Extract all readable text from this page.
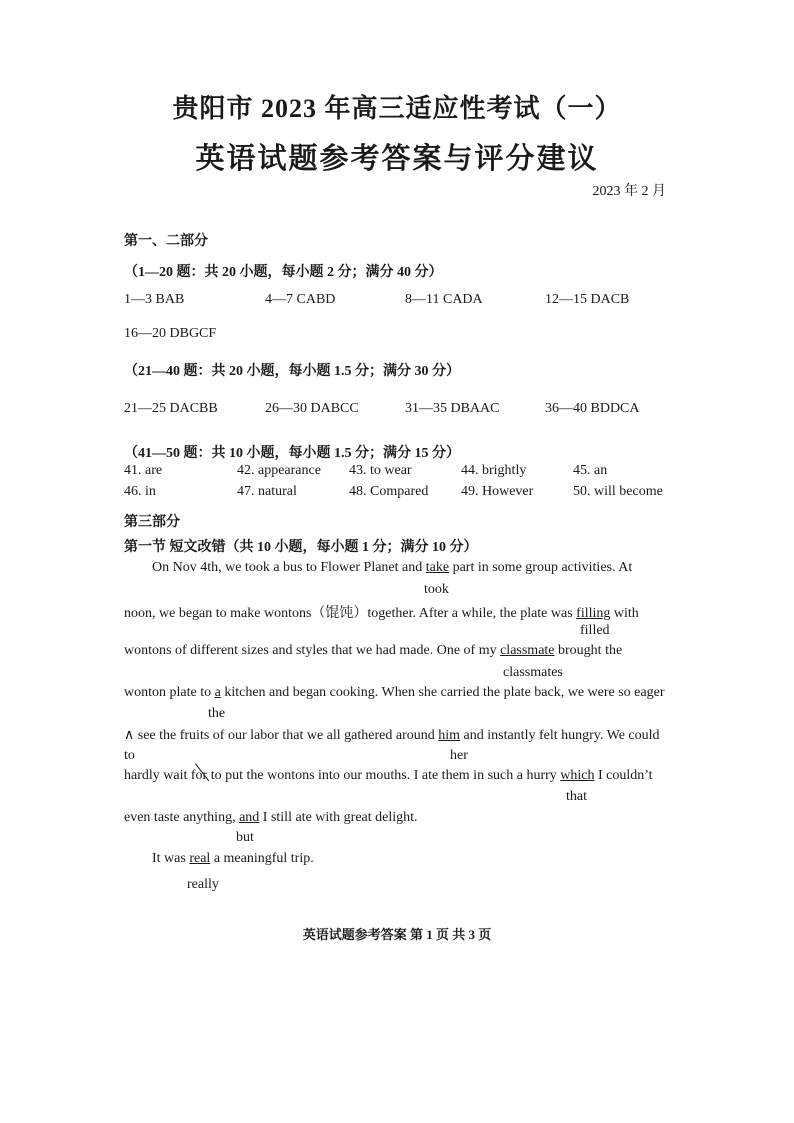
贵阳市 2023 年高三适应性考试（一）
英语试题参考答案与评分建议
2023 年 2 月
第一、二部分
（1—20 题：共 20 小题，每小题 2 分；满分 40 分）
1—3 BAB	4—7 CABD	8—11 CADA	12—15 DACB
16—20 DBGCF
（21—40 题：共 20 小题，每小题 1.5 分；满分 30 分）
21—25 DACBB	26—30 DABCC	31—35 DBAAC	36—40 BDDCA
（41—50 题：共 10 小题，每小题 1.5 分；满分 15 分）
41. are	42. appearance 43. to wear	44. brightly	45. an
46. in	47. natural	48. Compared 49. However	50. will become
第三部分
第一节 短文改错（共 10 小题，每小题 1 分；满分 10 分）
On Nov 4th, we took a bus to Flower Planet and take part in some group activities. At
took
noon, we began to make wontons（馄饨）together. After a while, the plate was filling with
filled
wontons of different sizes and styles that we had made. One of my classmate brought the
classmates
wonton plate to a kitchen and began cooking. When she carried the plate back, we were so eager
the
∧ see the fruits of our labor that we all gathered around him and instantly felt hungry. We could
to	her
hardly wait for to put the wontons into our mouths. I ate them in such a hurry which I couldn’t
that
even taste anything, and I still ate with great delight.
but
It was real a meaningful trip.
really
英语试题参考答案 第 1 页 共 3 页
